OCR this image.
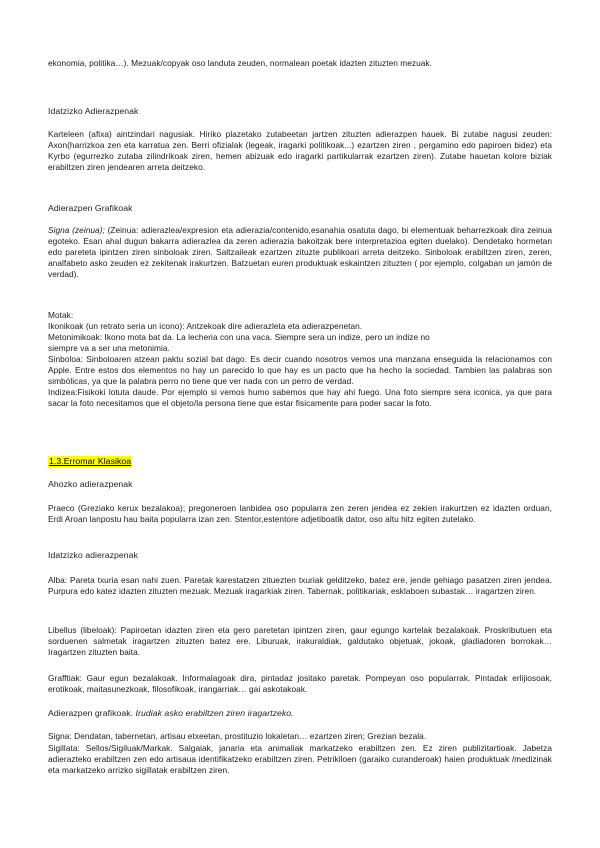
ekonomia, politika…). Mezuak/copyak oso landuta zeuden, normalean poetak idazten zituzten mezuak.

Idatzizko Adierazpenak

Karteleen (afixa) aintzindari nagusiak. Hiriko plazetako zutabeetan jartzen zituzten adierazpen hauek. Bi zutabe nagusi zeuden: Axon(harrizkoa zen eta karratua zen. Berri ofizialak (legeak, iragarki politikoak...) ezartzen ziren , pergamino edo papiroen bidez) eta Kyrbo (egurrezko zutaba zilindrikoak ziren, hemen abizuak edo iragarki partikularrak ezartzen ziren). Zutabe hauetan kolore biziak erabiltzen ziren jendearen arreta deitzeko.

Adierazpen Grafikoak

Signa (zeinua); (Zeinua: adierazlea/expresion eta adierazia/contenido,esanahia osatuta dago, bi elementuak beharrezkoak dira zeinua egoteko. Esan ahal dugun bakarra adierazlea da zeren adierazia bakoitzak bere interpretazioa egiten duelako). Dendetako hormetan edo pareteta ipintzen ziren sinboloak ziren. Saltzaileak ezartzen zituzte publikoari arreta deitzeko. Sinboloak erabiltzen ziren, zeren, analfabeto asko zeuden ez zekitenak irakurtzen. Batzuetan euren produktuak eskaintzen zituzten ( por ejemplo, colgaban un jamón de verdad).

Motak:
Ikonikoak (un retrato seria un icono): Antzekoak dire adierazleta eta adierazpenetan.
Metonimikoak: Ikono mota bat da. La lecheria con una vaca. Siempre sera un indize, pero un indize no
siempre va a ser una metonimia.
Sinboloa: Sinboloaren atzean paktu sozial bat dago. Es decir cuando nosotros vemos una manzana enseguida la relacionamos con Apple. Entre estos dos elementos no hay un parecido lo que hay es un pacto que ha hecho la sociedad. Tambien las palabras son simbólicas, ya que la palabra perro no tiene que ver nada con un perro de verdad.
Indizea:Fisikoki lotuta daude. Por ejemplo si vemos humo sabemos que hay ahi fuego. Una foto siempre sera iconica, ya que para sacar la foto necesitamos que el objeto/la persona tiene que estar fisicamente para poder sacar la foto.

1.3.Erromar Klasikoa

Ahozko adierazpenak

Praeco (Greziako kerux bezalakoa); pregoneroen lanbidea oso popularra zen zeren jendea ez zekien irakurtzen ez idazten orduan, Erdi Aroan lanpostu hau baita popularra izan zen. Stentor,estentore adjetiboatik dator, oso altu hitz egiten zutelako.

Idatzizko adierazpenak

Alba: Pareta txuria esan nahi zuen. Paretak karestatzen zituezten txuriak gelditzeko, batez ere, jende gehiago pasatzen ziren jendea. Purpura edo katez idazten zituzten mezuak. Mezuak iragarkiak ziren. Tabernak, politikariak, esklaboen subastak… iragartzen ziren.

Libellus (libeloak): Papiroetan idazten ziren eta gero paretetan ipintzen ziren, gaur egungo kartelak bezalakoak. Proskributuen eta sorduenen salmetak iragartzen zituzten batez ere. Liburuak, irakuraldiak, galdutako objetuak, jokoak, gladiadoren borrokak… Iragartzen zituzten baita.

Grafftiak: Gaur egun bezalakoak. Informalagoak dira, pintadaz jositako paretak. Pompeyan oso popularrak. Pintadak erlijiosoak, erotikoak, maitasunezkoak, filosofikoak, irangarriak… gai askotakoak.

Adierazpen grafikoak. Irudiak asko erabiltzen ziren iragartzeko.

Signa: Dendatan, tabernetan, artisau etxeetan, prostituzio lokaletan… ezartzen ziren; Grezian bezala.

Sigillata: Sellos/Sigiluak/Markak. Salgaiak, janaria eta animaliak markatzeko erabiltzen zen. Ez ziren publizitartioak. Jabetza adierazteko erabiltzen zen edo artisaua identifikatzeko erabiltzen ziren. Petrikiloen (garaiko curanderoak) haien produktuak /medizinak eta markatzeko arrizko sigillatak erabiltzen ziren.
